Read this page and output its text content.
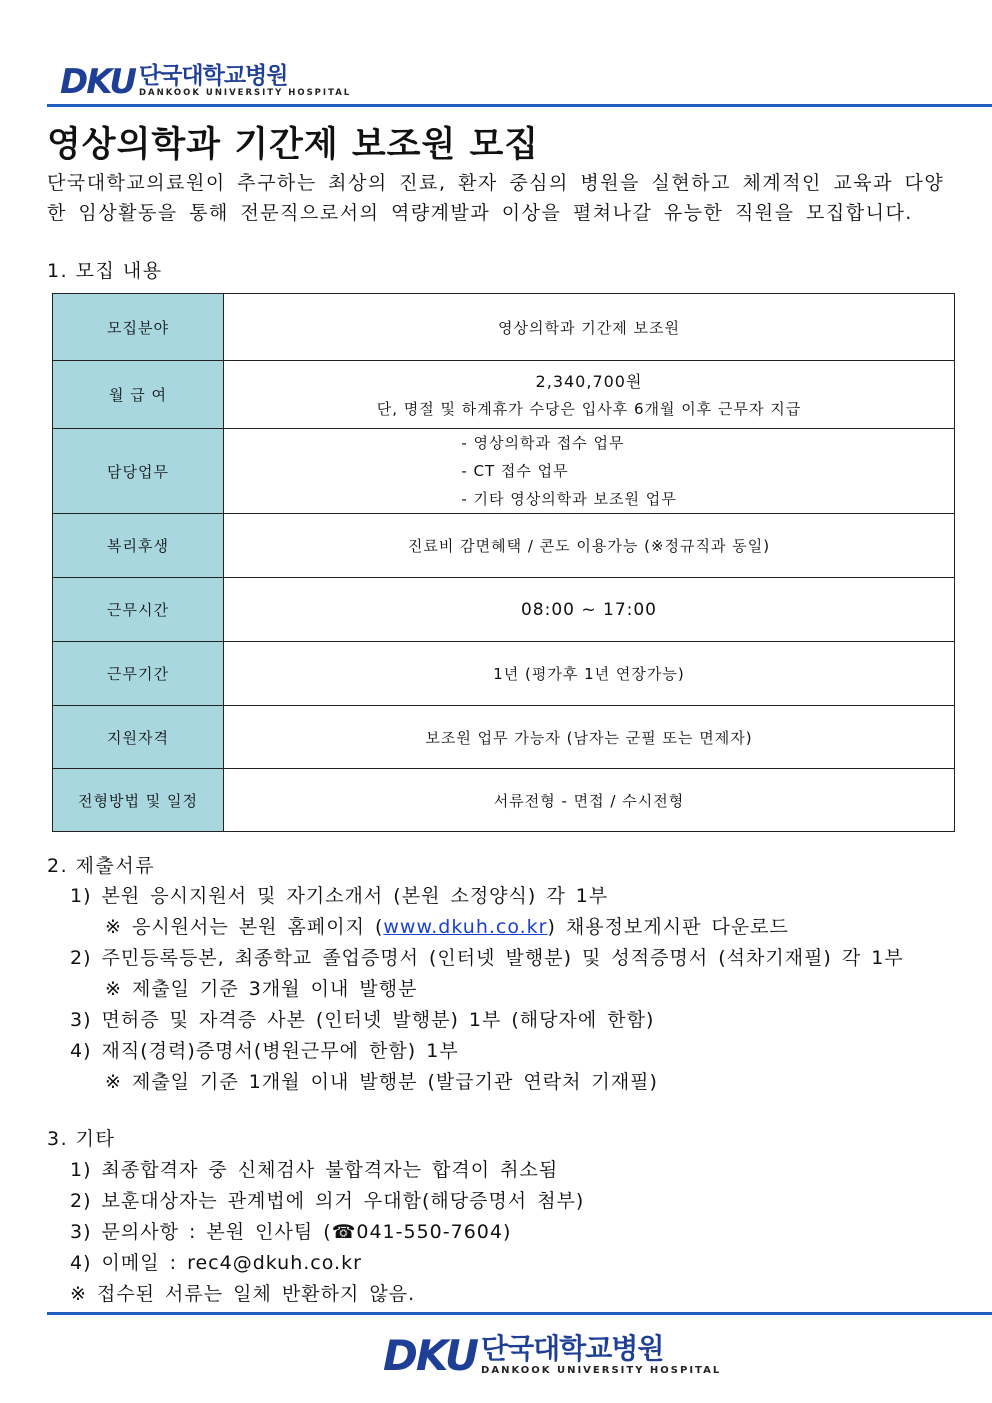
DKU 단국대학교병원
DANKOOK UNIVERSITY HOSPITAL
영상의학과 기간제 보조원 모집

단국대학교의료원이 추구하는 최상의 진료, 환자 중심의 병원을 실현하고 체계적인 교육과 다양한 임상활동을 통해 전문직으로서의 역량계발과 이상을 펼쳐나갈 유능한 직원을 모집합니다.

1. 모집 내용

모집분야	영상의학과 기간제 보조원
월 급 여	2,340,700원
단, 명절 및 하계휴가 수당은 입사후 6개월 이후 근무자 지급

담당업무	- 영상의학과 접수 업무
- CT 접수 업무
- 기타 영상의학과 보조원 업무

복리후생	진료비 감면혜택 / 콘도 이용가능 (※정규직과 동일)
근무시간	08:00 ~ 17:00
근무기간	1년 (평가후 1년 연장가능)
지원자격	보조원 업무 가능자 (남자는 군필 또는 면제자)
전형방법 및 일정	서류전형 - 면접 / 수시전형

2. 제출서류

1) 본원 응시지원서 및 자기소개서 (본원 소정양식) 각 1부
※ 응시원서는 본원 홈페이지 (www.dkuh.co.kr) 채용정보게시판 다운로드
2) 주민등록등본, 최종학교 졸업증명서 (인터넷 발행분) 및 성적증명서 (석차기재필) 각 1부
※ 제출일 기준 3개월 이내 발행분
3) 면허증 및 자격증 사본 (인터넷 발행분) 1부 (해당자에 한함)
4) 재직(경력)증명서(병원근무에 한함) 1부
※ 제출일 기준 1개월 이내 발행분 (발급기관 연락처 기재필)

3. 기타

1) 최종합격자 중 신체검사 불합격자는 합격이 취소됨
2) 보훈대상자는 관계법에 의거 우대함(해당증명서 첨부)
3) 문의사항 : 본원 인사팀 (☎041-550-7604)
4) 이메일 : rec4@dkuh.co.kr
※ 접수된 서류는 일체 반환하지 않음.
DKU 단국대학교병원
DANKOOK UNIVERSITY HOSPITAL
